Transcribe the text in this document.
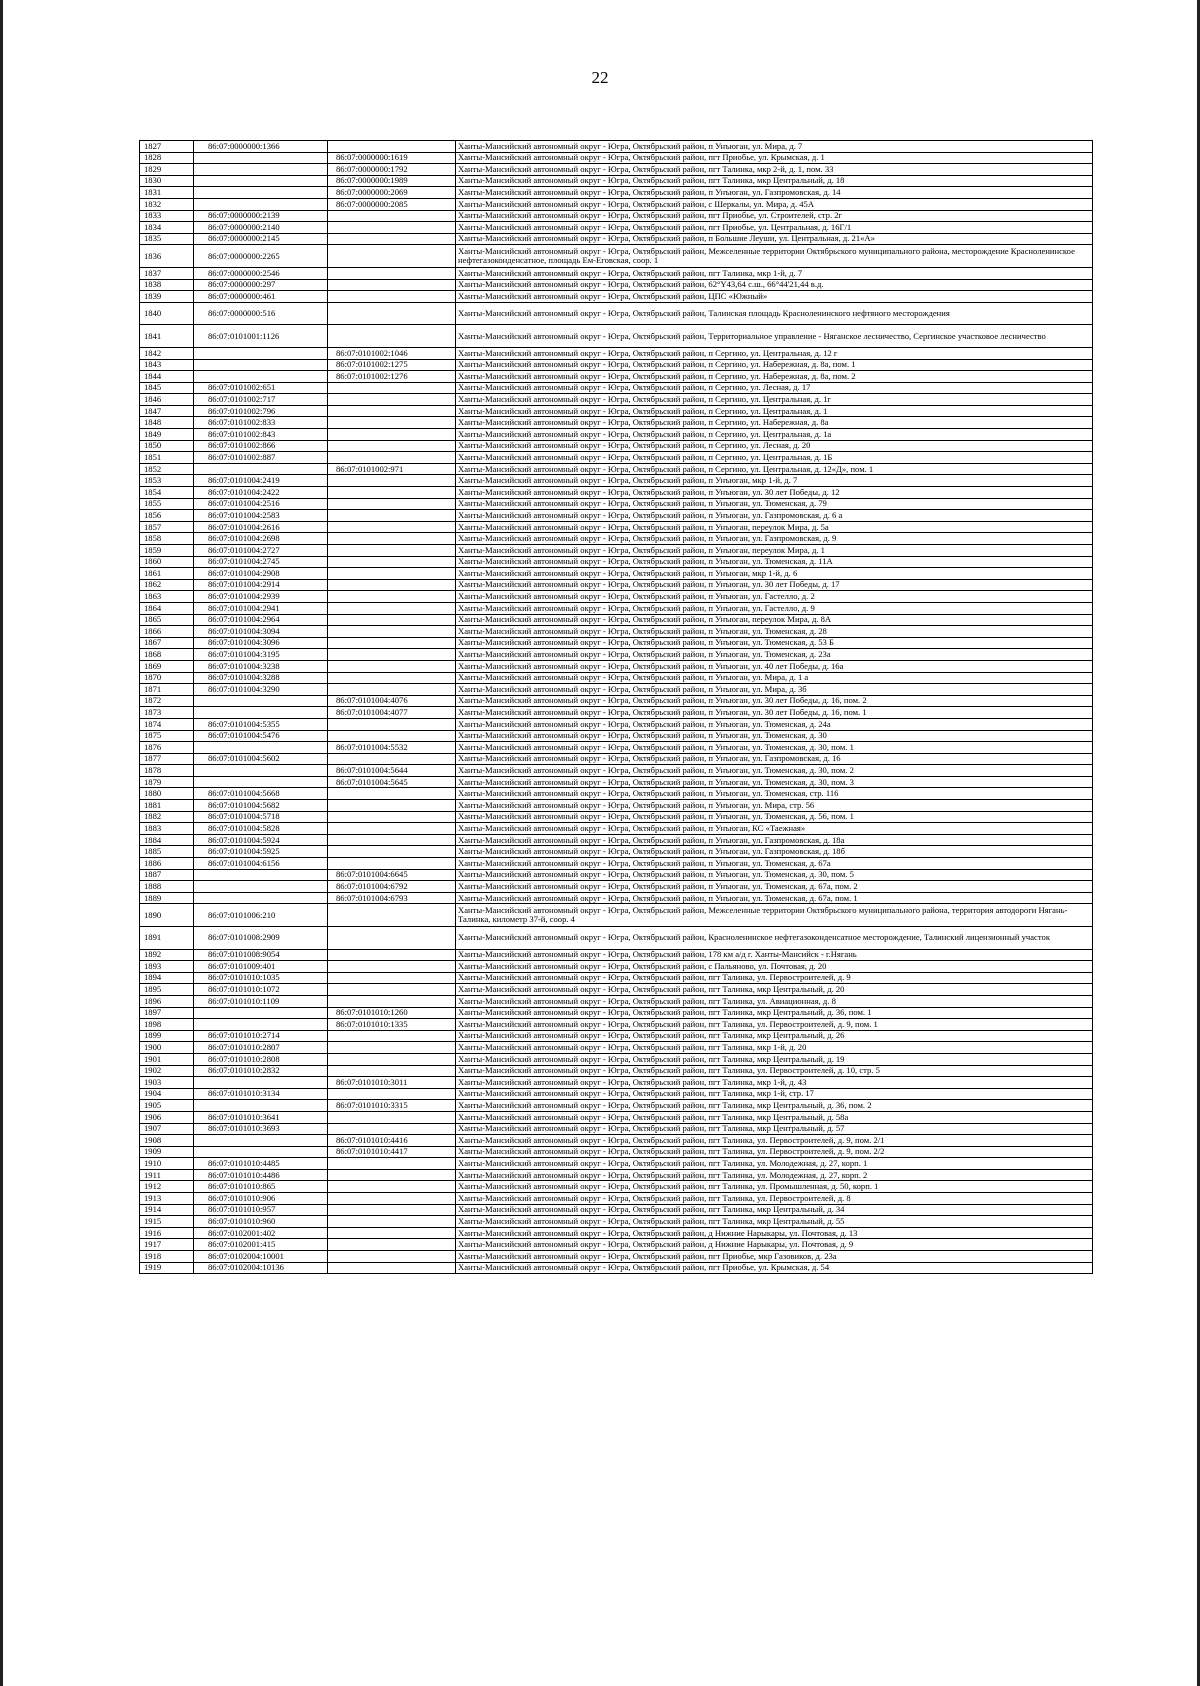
22
1827	86:07:0000000:1366		Ханты-Мансийский автономный округ - Югра, Октябрьский район, п Унъюган, ул. Мира, д. 7
1828		86:07:0000000:1619	Ханты-Мансийский автономный округ - Югра, Октябрьский район, пгт Приобье, ул. Крымская, д. 1
1829		86:07:0000000:1792	Ханты-Мансийский автономный округ - Югра, Октябрьский район, пгт Талинка, мкр 2-й, д. 1, пом. 33
1830		86:07:0000000:1989	Ханты-Мансийский автономный округ - Югра, Октябрьский район, пгт Талинка, мкр Центральный, д. 18
1831		86:07:0000000:2069	Ханты-Мансийский автономный округ - Югра, Октябрьский район, п Унъюган, ул. Газпромовская, д. 14
1832		86:07:0000000:2085	Ханты-Мансийский автономный округ - Югра, Октябрьский район, с Шеркалы, ул. Мира, д. 45А
1833	86:07:0000000:2139		Ханты-Мансийский автономный округ - Югра, Октябрьский район, пгт Приобье, ул. Строителей, стр. 2г
1834	86:07:0000000:2140		Ханты-Мансийский автономный округ - Югра, Октябрьский район, пгт Приобье, ул. Центральная, д. 16Г/1
1835	86:07:0000000:2145		Ханты-Мансийский автономный округ - Югра, Октябрьский район, п Большие Леуши, ул. Центральная, д. 21«А»
1836	86:07:0000000:2265		Ханты-Мансийский автономный округ - Югра, Октябрьский район, Межселенные территории Октябрьского муниципального района, месторождение Красноленинское нефтегазоконденсатное, площадь Ем-Еговская, соор. 1
1837	86:07:0000000:2546		Ханты-Мансийский автономный округ - Югра, Октябрьский район, пгт Талинка, мкр 1-й, д. 7
1838	86:07:0000000:297		Ханты-Мансийский автономный округ - Югра, Октябрьский район, 62°Y43,64 с.ш., 66°44'21,44 в.д.
1839	86:07:0000000:461		Ханты-Мансийский автономный округ - Югра, Октябрьский район, ЦПС «Южный»
1840	86:07:0000000:516		Ханты-Мансийский автономный округ - Югра, Октябрьский район, Талинская площадь Красноленинского нефтяного месторождения
1841	86:07:0101001:1126		Ханты-Мансийский автономный округ - Югра, Октябрьский район, Территориальное управление - Няганское лесничество, Сергинское участковое лесничество
1842		86:07:0101002:1046	Ханты-Мансийский автономный округ - Югра, Октябрьский район, п Сергино, ул. Центральная, д. 12 г
1843		86:07:0101002:1275	Ханты-Мансийский автономный округ - Югра, Октябрьский район, п Сергино, ул. Набережная, д. 8а, пом. 1
1844		86:07:0101002:1276	Ханты-Мансийский автономный округ - Югра, Октябрьский район, п Сергино, ул. Набережная, д. 8а, пом. 2
1845	86:07:0101002:651		Ханты-Мансийский автономный округ - Югра, Октябрьский район, п Сергино, ул. Лесная, д. 17
1846	86:07:0101002:717		Ханты-Мансийский автономный округ - Югра, Октябрьский район, п Сергино, ул. Центральная, д. 1г
1847	86:07:0101002:796		Ханты-Мансийский автономный округ - Югра, Октябрьский район, п Сергино, ул. Центральная, д. 1
1848	86:07:0101002:833		Ханты-Мансийский автономный округ - Югра, Октябрьский район, п Сергино, ул. Набережная, д. 8а
1849	86:07:0101002:843		Ханты-Мансийский автономный округ - Югра, Октябрьский район, п Сергино, ул. Центральная, д. 1а
1850	86:07:0101002:866		Ханты-Мансийский автономный округ - Югра, Октябрьский район, п Сергино, ул. Лесная, д. 20
1851	86:07:0101002:887		Ханты-Мансийский автономный округ - Югра, Октябрьский район, п Сергино, ул. Центральная, д. 1Б
1852		86:07:0101002:971	Ханты-Мансийский автономный округ - Югра, Октябрьский район, п Сергино, ул. Центральная, д. 12«Д», пом. 1
1853	86:07:0101004:2419		Ханты-Мансийский автономный округ - Югра, Октябрьский район, п Унъюган, мкр 1-й, д. 7
1854	86:07:0101004:2422		Ханты-Мансийский автономный округ - Югра, Октябрьский район, п Унъюган, ул. 30 лет Победы, д. 12
1855	86:07:0101004:2516		Ханты-Мансийский автономный округ - Югра, Октябрьский район, п Унъюган, ул. Тюменская, д. 79
1856	86:07:0101004:2583		Ханты-Мансийский автономный округ - Югра, Октябрьский район, п Унъюган, ул. Газпромовская, д. 6 а
1857	86:07:0101004:2616		Ханты-Мансийский автономный округ - Югра, Октябрьский район, п Унъюган, переулок Мира, д. 5а
1858	86:07:0101004:2698		Ханты-Мансийский автономный округ - Югра, Октябрьский район, п Унъюган, ул. Газпромовская, д. 9
1859	86:07:0101004:2727		Ханты-Мансийский автономный округ - Югра, Октябрьский район, п Унъюган, переулок Мира, д. 1
1860	86:07:0101004:2745		Ханты-Мансийский автономный округ - Югра, Октябрьский район, п Унъюган, ул. Тюменская, д. 11А
1861	86:07:0101004:2908		Ханты-Мансийский автономный округ - Югра, Октябрьский район, п Унъюган, мкр 1-й, д. 6
1862	86:07:0101004:2914		Ханты-Мансийский автономный округ - Югра, Октябрьский район, п Унъюган, ул. 30 лет Победы, д. 17
1863	86:07:0101004:2939		Ханты-Мансийский автономный округ - Югра, Октябрьский район, п Унъюган, ул. Гастелло, д. 2
1864	86:07:0101004:2941		Ханты-Мансийский автономный округ - Югра, Октябрьский район, п Унъюган, ул. Гастелло, д. 9
1865	86:07:0101004:2964		Ханты-Мансийский автономный округ - Югра, Октябрьский район, п Унъюган, переулок Мира, д. 8А
1866	86:07:0101004:3094		Ханты-Мансийский автономный округ - Югра, Октябрьский район, п Унъюган, ул. Тюменская, д. 28
1867	86:07:0101004:3096		Ханты-Мансийский автономный округ - Югра, Октябрьский район, п Унъюган, ул. Тюменская, д. 53 Б
1868	86:07:0101004:3195		Ханты-Мансийский автономный округ - Югра, Октябрьский район, п Унъюган, ул. Тюменская, д. 23а
1869	86:07:0101004:3238		Ханты-Мансийский автономный округ - Югра, Октябрьский район, п Унъюган, ул. 40 лет Победы, д. 16а
1870	86:07:0101004:3288		Ханты-Мансийский автономный округ - Югра, Октябрьский район, п Унъюган, ул. Мира, д. 1 а
1871	86:07:0101004:3290		Ханты-Мансийский автономный округ - Югра, Октябрьский район, п Унъюган, ул. Мира, д. 3б
1872		86:07:0101004:4076	Ханты-Мансийский автономный округ - Югра, Октябрьский район, п Унъюган, ул. 30 лет Победы, д. 16, пом. 2
1873		86:07:0101004:4077	Ханты-Мансийский автономный округ - Югра, Октябрьский район, п Унъюган, ул. 30 лет Победы, д. 16, пом. 1
1874	86:07:0101004:5355		Ханты-Мансийский автономный округ - Югра, Октябрьский район, п Унъюган, ул. Тюменская, д. 24а
1875	86:07:0101004:5476		Ханты-Мансийский автономный округ - Югра, Октябрьский район, п Унъюган, ул. Тюменская, д. 30
1876		86:07:0101004:5532	Ханты-Мансийский автономный округ - Югра, Октябрьский район, п Унъюган, ул. Тюменская, д. 30, пом. 1
1877	86:07:0101004:5602		Ханты-Мансийский автономный округ - Югра, Октябрьский район, п Унъюган, ул. Газпромовская, д. 16
1878		86:07:0101004:5644	Ханты-Мансийский автономный округ - Югра, Октябрьский район, п Унъюган, ул. Тюменская, д. 30, пом. 2
1879		86:07:0101004:5645	Ханты-Мансийский автономный округ - Югра, Октябрьский район, п Унъюган, ул. Тюменская, д. 30, пом. 3
1880	86:07:0101004:5668		Ханты-Мансийский автономный округ - Югра, Октябрьский район, п Унъюган, ул. Тюменская, стр. 116
1881	86:07:0101004:5682		Ханты-Мансийский автономный округ - Югра, Октябрьский район, п Унъюган, ул. Мира, стр. 56
1882	86:07:0101004:5718		Ханты-Мансийский автономный округ - Югра, Октябрьский район, п Унъюган, ул. Тюменская, д. 56, пом. 1
1883	86:07:0101004:5828		Ханты-Мансийский автономный округ - Югра, Октябрьский район, п Унъюган, КС «Таежная»
1884	86:07:0101004:5924		Ханты-Мансийский автономный округ - Югра, Октябрьский район, п Унъюган, ул. Газпромовская, д. 18а
1885	86:07:0101004:5925		Ханты-Мансийский автономный округ - Югра, Октябрьский район, п Унъюган, ул. Газпромовская, д. 18б
1886	86:07:0101004:6156		Ханты-Мансийский автономный округ - Югра, Октябрьский район, п Унъюган, ул. Тюменская, д. 67а
1887		86:07:0101004:6645	Ханты-Мансийский автономный округ - Югра, Октябрьский район, п Унъюган, ул. Тюменская, д. 30, пом. 5
1888		86:07:0101004:6792	Ханты-Мансийский автономный округ - Югра, Октябрьский район, п Унъюган, ул. Тюменская, д. 67а, пом. 2
1889		86:07:0101004:6793	Ханты-Мансийский автономный округ - Югра, Октябрьский район, п Унъюган, ул. Тюменская, д. 67а, пом. 1
1890	86:07:0101006:210		Ханты-Мансийский автономный округ - Югра, Октябрьский район, Межселенные территории Октябрьского муниципального района, территория автодороги Нягань-Талинка, километр 37-й, соор. 4
1891	86:07:0101008:2909		Ханты-Мансийский автономный округ - Югра, Октябрьский район, Красноленинское нефтегазоконденсатное месторождение, Талинский лицензионный участок
1892	86:07:0101008:9054		Ханты-Мансийский автономный округ - Югра, Октябрьский район, 178 км а/д г. Ханты-Мансийск - г.Нягань
1893	86:07:0101009:401		Ханты-Мансийский автономный округ - Югра, Октябрьский район, с Пальяново, ул. Почтовая, д. 20
1894	86:07:0101010:1035		Ханты-Мансийский автономный округ - Югра, Октябрьский район, пгт Талинка, ул. Первостроителей, д. 9
1895	86:07:0101010:1072		Ханты-Мансийский автономный округ - Югра, Октябрьский район, пгт Талинка, мкр Центральный, д. 20
1896	86:07:0101010:1109		Ханты-Мансийский автономный округ - Югра, Октябрьский район, пгт Талинка, ул. Авиационная, д. 8
1897		86:07:0101010:1260	Ханты-Мансийский автономный округ - Югра, Октябрьский район, пгт Талинка, мкр Центральный, д. 36, пом. 1
1898		86:07:0101010:1335	Ханты-Мансийский автономный округ - Югра, Октябрьский район, пгт Талинка, ул. Первостроителей, д. 9, пом. 1
1899	86:07:0101010:2714		Ханты-Мансийский автономный округ - Югра, Октябрьский район, пгт Талинка, мкр Центральный, д. 26
1900	86:07:0101010:2807		Ханты-Мансийский автономный округ - Югра, Октябрьский район, пгт Талинка, мкр 1-й, д. 20
1901	86:07:0101010:2808		Ханты-Мансийский автономный округ - Югра, Октябрьский район, пгт Талинка, мкр Центральный, д. 19
1902	86:07:0101010:2832		Ханты-Мансийский автономный округ - Югра, Октябрьский район, пгт Талинка, ул. Первостроителей, д. 10, стр. 5
1903		86:07:0101010:3011	Ханты-Мансийский автономный округ - Югра, Октябрьский район, пгт Талинка, мкр 1-й, д. 43
1904	86:07:0101010:3134		Ханты-Мансийский автономный округ - Югра, Октябрьский район, пгт Талинка, мкр 1-й, стр. 17
1905		86:07:0101010:3315	Ханты-Мансийский автономный округ - Югра, Октябрьский район, пгт Талинка, мкр Центральный, д. 36, пом. 2
1906	86:07:0101010:3641		Ханты-Мансийский автономный округ - Югра, Октябрьский район, пгт Талинка, мкр Центральный, д. 58а
1907	86:07:0101010:3693		Ханты-Мансийский автономный округ - Югра, Октябрьский район, пгт Талинка, мкр Центральный, д. 57
1908		86:07:0101010:4416	Ханты-Мансийский автономный округ - Югра, Октябрьский район, пгт Талинка, ул. Первостроителей, д. 9, пом. 2/1
1909		86:07:0101010:4417	Ханты-Мансийский автономный округ - Югра, Октябрьский район, пгт Талинка, ул. Первостроителей, д. 9, пом. 2/2
1910	86:07:0101010:4485		Ханты-Мансийский автономный округ - Югра, Октябрьский район, пгт Талинка, ул. Молодежная, д. 27, корп. 1
1911	86:07:0101010:4486		Ханты-Мансийский автономный округ - Югра, Октябрьский район, пгт Талинка, ул. Молодежная, д. 27, корп. 2
1912	86:07:0101010:865		Ханты-Мансийский автономный округ - Югра, Октябрьский район, пгт Талинка, ул. Промышленная, д. 50, корп. 1
1913	86:07:0101010:906		Ханты-Мансийский автономный округ - Югра, Октябрьский район, пгт Талинка, ул. Первостроителей, д. 8
1914	86:07:0101010:957		Ханты-Мансийский автономный округ - Югра, Октябрьский район, пгт Талинка, мкр Центральный, д. 34
1915	86:07:0101010:960		Ханты-Мансийский автономный округ - Югра, Октябрьский район, пгт Талинка, мкр Центральный, д. 55
1916	86:07:0102001:402		Ханты-Мансийский автономный округ - Югра, Октябрьский район, д Нижние Нарыкары, ул. Почтовая, д. 13
1917	86:07:0102001:415		Ханты-Мансийский автономный округ - Югра, Октябрьский район, д Нижние Нарыкары, ул. Почтовая, д. 9
1918	86:07:0102004:10001		Ханты-Мансийский автономный округ - Югра, Октябрьский район, пгт Приобье, мкр Газовиков, д. 23а
1919	86:07:0102004:10136		Ханты-Мансийский автономный округ - Югра, Октябрьский район, пгт Приобье, ул. Крымская, д. 54
